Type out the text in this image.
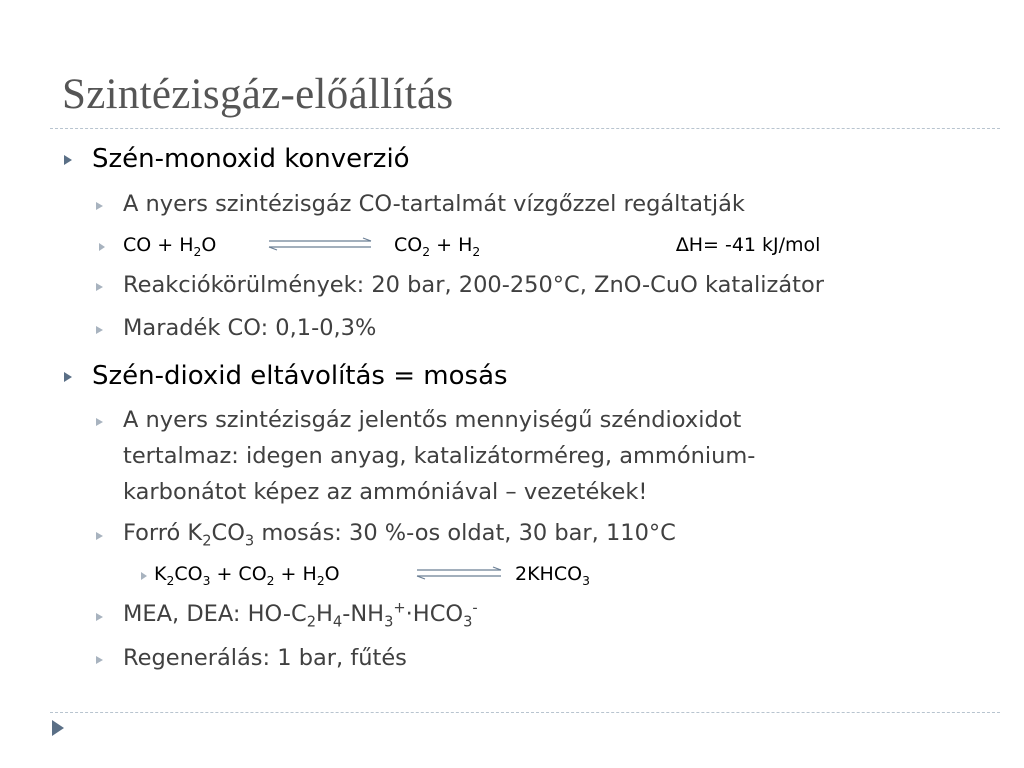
Szintézisgáz-előállítás
Szén-monoxid konverzió
A nyers szintézisgáz CO-tartalmát vízgőzzel regáltatják
CO + $H_2O$	$CO_2 + H_2$	∆H= -41 kJ/mol
Reakciókörülmények: 20 bar, 200-250°C, ZnO-CuO katalizátor
Maradék CO: 0,1-0,3%
Szén-dioxid eltávolítás = mosás
A nyers szintézisgáz jelentős mennyiségű széndioxidot
tertalmaz: idegen anyag, katalizátorméreg, ammónium-
karbonátot képez az ammóniával – vezetékek!
Forró $K_2CO_3$ mosás: 30 %-os oldat, 30 bar, 110°C
$K_2CO_3 + CO_2 + H_2O$	$2KHCO_3$
MEA, DEA: $HO-C_2H_4-NH_3^+\cdot HCO_3^-$
Regenerálás: 1 bar, fűtés
